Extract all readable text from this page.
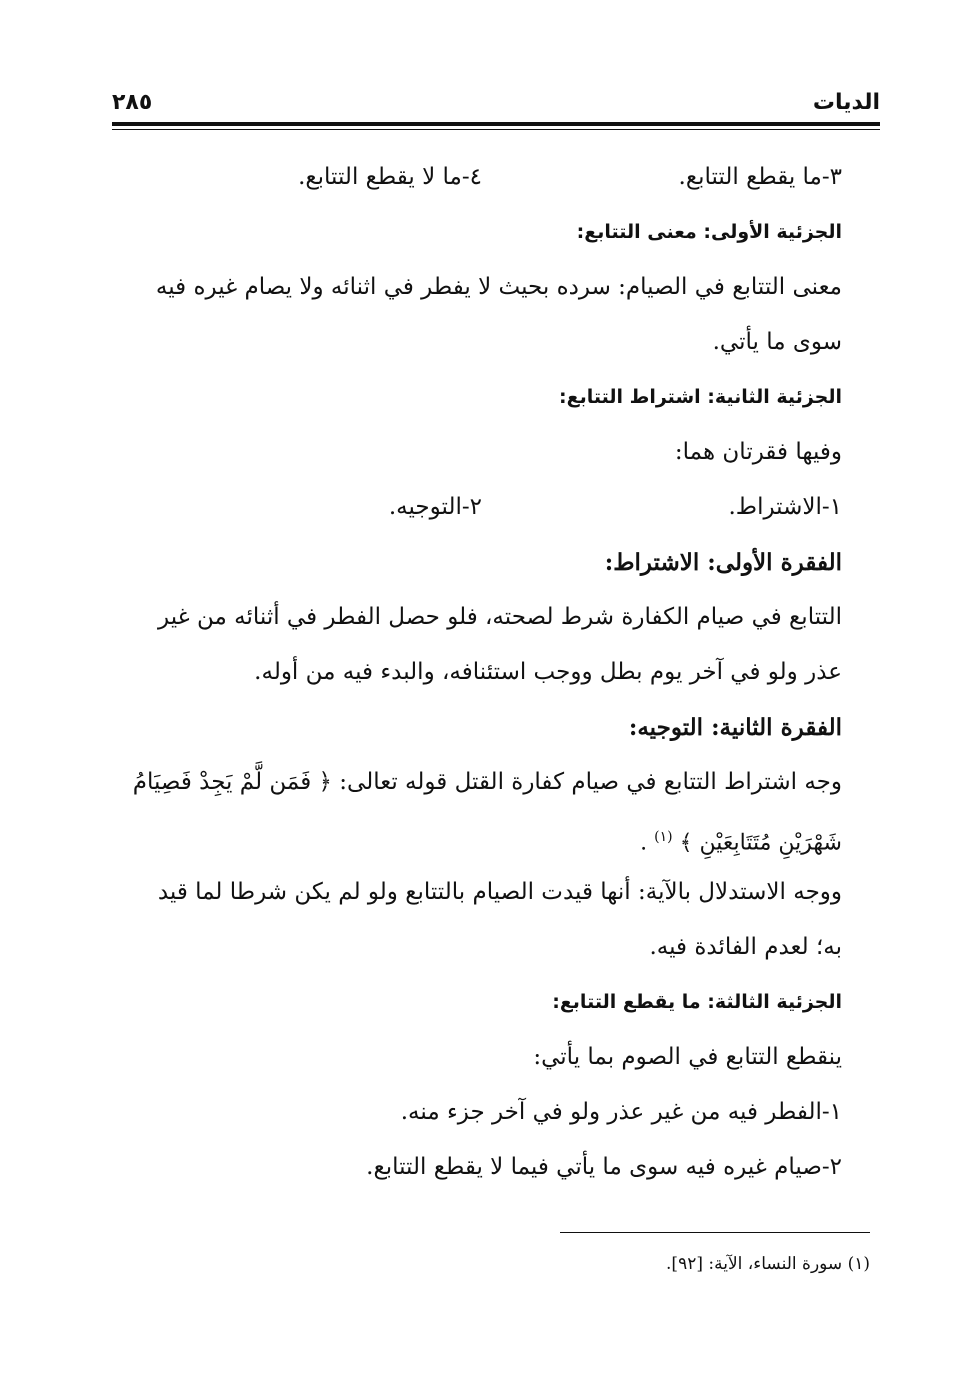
الديات
٢٨٥
٣-ما يقطع التتابع.
٤-ما لا يقطع التتابع.
الجزئية الأولى: معنى التتابع:
معنى التتابع في الصيام: سرده بحيث لا يفطر في اثنائه ولا يصام غيره فيه
سوى ما يأتي.
الجزئية الثانية: اشتراط التتابع:
وفيها فقرتان هما:
١-الاشتراط.
٢-التوجيه.
الفقرة الأولى: الاشتراط:
التتابع في صيام الكفارة شرط لصحته، فلو حصل الفطر في أثنائه من غير
عذر ولو في آخر يوم بطل ووجب استئنافه، والبدء فيه من أوله.
الفقرة الثانية: التوجيه:
وجه اشتراط التتابع في صيام كفارة القتل قوله تعالى: ﴿ فَمَن لَّمْ يَجِدْ فَصِيَامُ
شَهْرَيْنِ مُتَتَابِعَيْنِ ﴾ $^{(١)}$ .
ووجه الاستدلال بالآية: أنها قيدت الصيام بالتتابع ولو لم يكن شرطا لما قيد
به؛ لعدم الفائدة فيه.
الجزئية الثالثة: ما يقطع التتابع:
ينقطع التتابع في الصوم بما يأتي:
١-الفطر فيه من غير عذر ولو في آخر جزء منه.
٢-صيام غيره فيه سوى ما يأتي فيما لا يقطع التتابع.
(١) سورة النساء، الآية: [٩٢].
